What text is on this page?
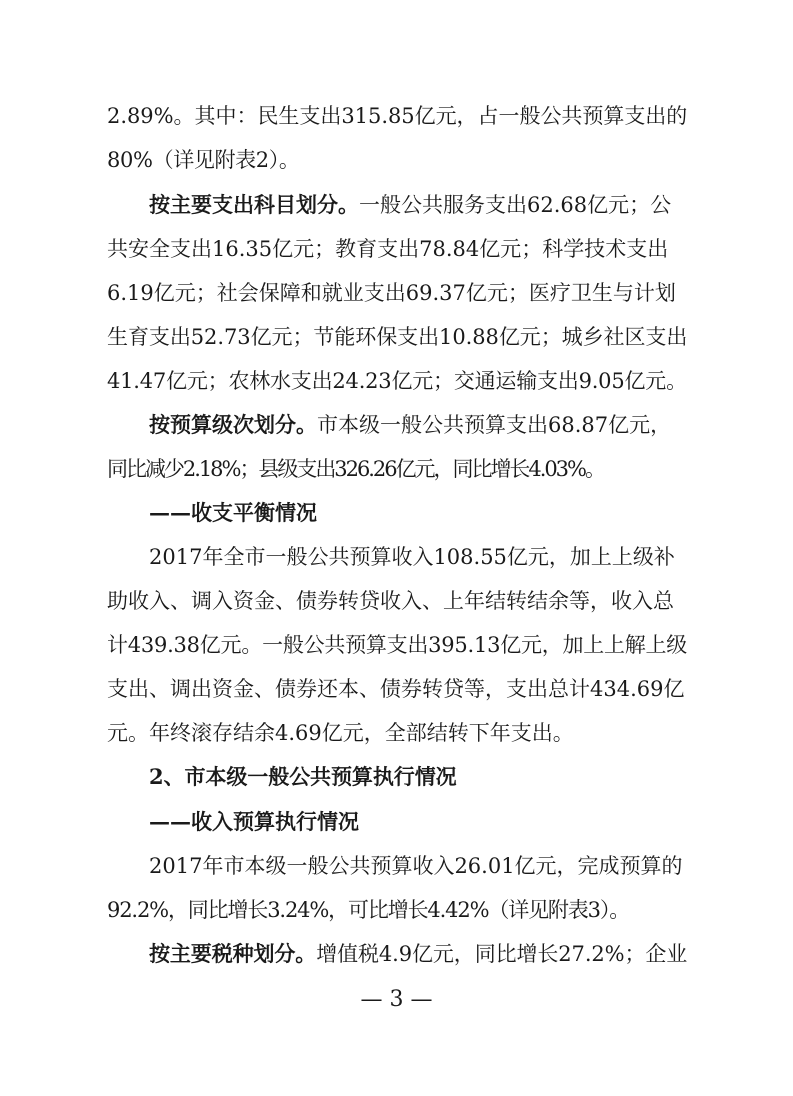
2.89%。其中：民生支出315.85亿元，占一般公共预算支出的
80%（详见附表2）。
按主要支出科目划分。一般公共服务支出62.68亿元；公
共安全支出16.35亿元；教育支出78.84亿元；科学技术支出
6.19亿元；社会保障和就业支出69.37亿元；医疗卫生与计划
生育支出52.73亿元；节能环保支出10.88亿元；城乡社区支出
41.47亿元；农林水支出24.23亿元；交通运输支出9.05亿元。
按预算级次划分。市本级一般公共预算支出68.87亿元，
同比减少2.18%；县级支出326.26亿元，同比增长4.03%。
——收支平衡情况
2017年全市一般公共预算收入108.55亿元，加上上级补
助收入、调入资金、债券转贷收入、上年结转结余等，收入总
计439.38亿元。一般公共预算支出395.13亿元，加上上解上级
支出、调出资金、债券还本、债券转贷等，支出总计434.69亿
元。年终滚存结余4.69亿元，全部结转下年支出。
2、市本级一般公共预算执行情况
——收入预算执行情况
2017年市本级一般公共预算收入26.01亿元，完成预算的
92.2%，同比增长3.24%，可比增长4.42%（详见附表3）。
按主要税种划分。增值税4.9亿元，同比增长27.2%；企业
— 3 —
